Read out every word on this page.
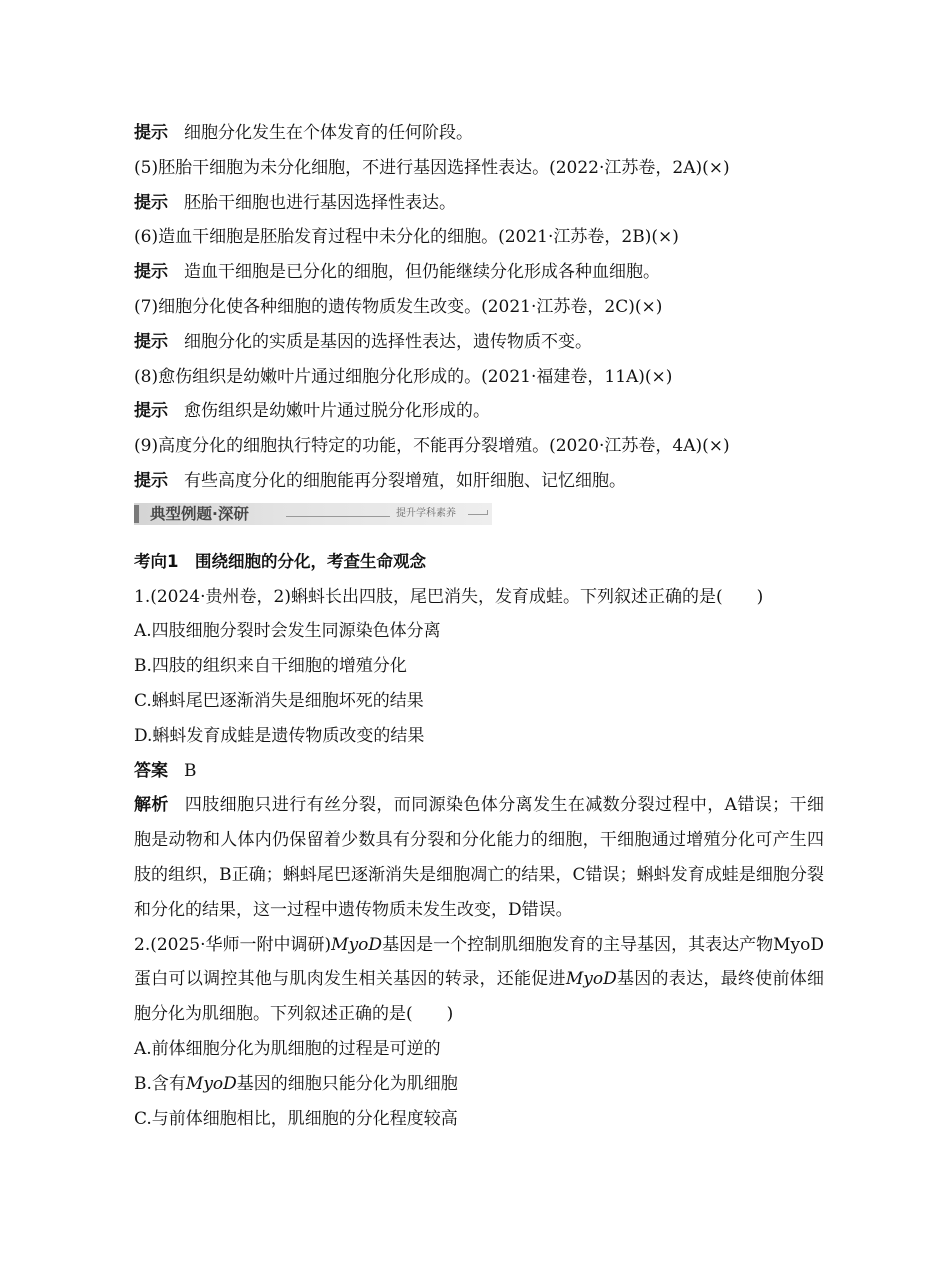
提示 细胞分化发生在个体发育的任何阶段。
(5)胚胎干细胞为未分化细胞，不进行基因选择性表达。(2022·江苏卷，2A)(×)
提示 胚胎干细胞也进行基因选择性表达。
(6)造血干细胞是胚胎发育过程中未分化的细胞。(2021·江苏卷，2B)(×)
提示 造血干细胞是已分化的细胞，但仍能继续分化形成各种血细胞。
(7)细胞分化使各种细胞的遗传物质发生改变。(2021·江苏卷，2C)(×)
提示 细胞分化的实质是基因的选择性表达，遗传物质不变。
(8)愈伤组织是幼嫩叶片通过细胞分化形成的。(2021·福建卷，11A)(×)
提示 愈伤组织是幼嫩叶片通过脱分化形成的。
(9)高度分化的细胞执行特定的功能，不能再分裂增殖。(2020·江苏卷，4A)(×)
提示 有些高度分化的细胞能再分裂增殖，如肝细胞、记忆细胞。
典型例题·深研	提升学科素养
考向1　围绕细胞的分化，考查生命观念
1.(2024·贵州卷，2)蝌蚪长出四肢，尾巴消失，发育成蛙。下列叙述正确的是(　　)
A.四肢细胞分裂时会发生同源染色体分离
B.四肢的组织来自干细胞的增殖分化
C.蝌蚪尾巴逐渐消失是细胞坏死的结果
D.蝌蚪发育成蛙是遗传物质改变的结果
答案 B
解析 四肢细胞只进行有丝分裂，而同源染色体分离发生在减数分裂过程中，A错误；干细胞是动物和人体内仍保留着少数具有分裂和分化能力的细胞，干细胞通过增殖分化可产生四肢的组织，B正确；蝌蚪尾巴逐渐消失是细胞凋亡的结果，C错误；蝌蚪发育成蛙是细胞分裂和分化的结果，这一过程中遗传物质未发生改变，D错误。
2.(2025·华师一附中调研)MyoD基因是一个控制肌细胞发育的主导基因，其表达产物MyoD蛋白可以调控其他与肌肉发生相关基因的转录，还能促进MyoD基因的表达，最终使前体细胞分化为肌细胞。下列叙述正确的是(　　)
A.前体细胞分化为肌细胞的过程是可逆的
B.含有MyoD基因的细胞只能分化为肌细胞
C.与前体细胞相比，肌细胞的分化程度较高
